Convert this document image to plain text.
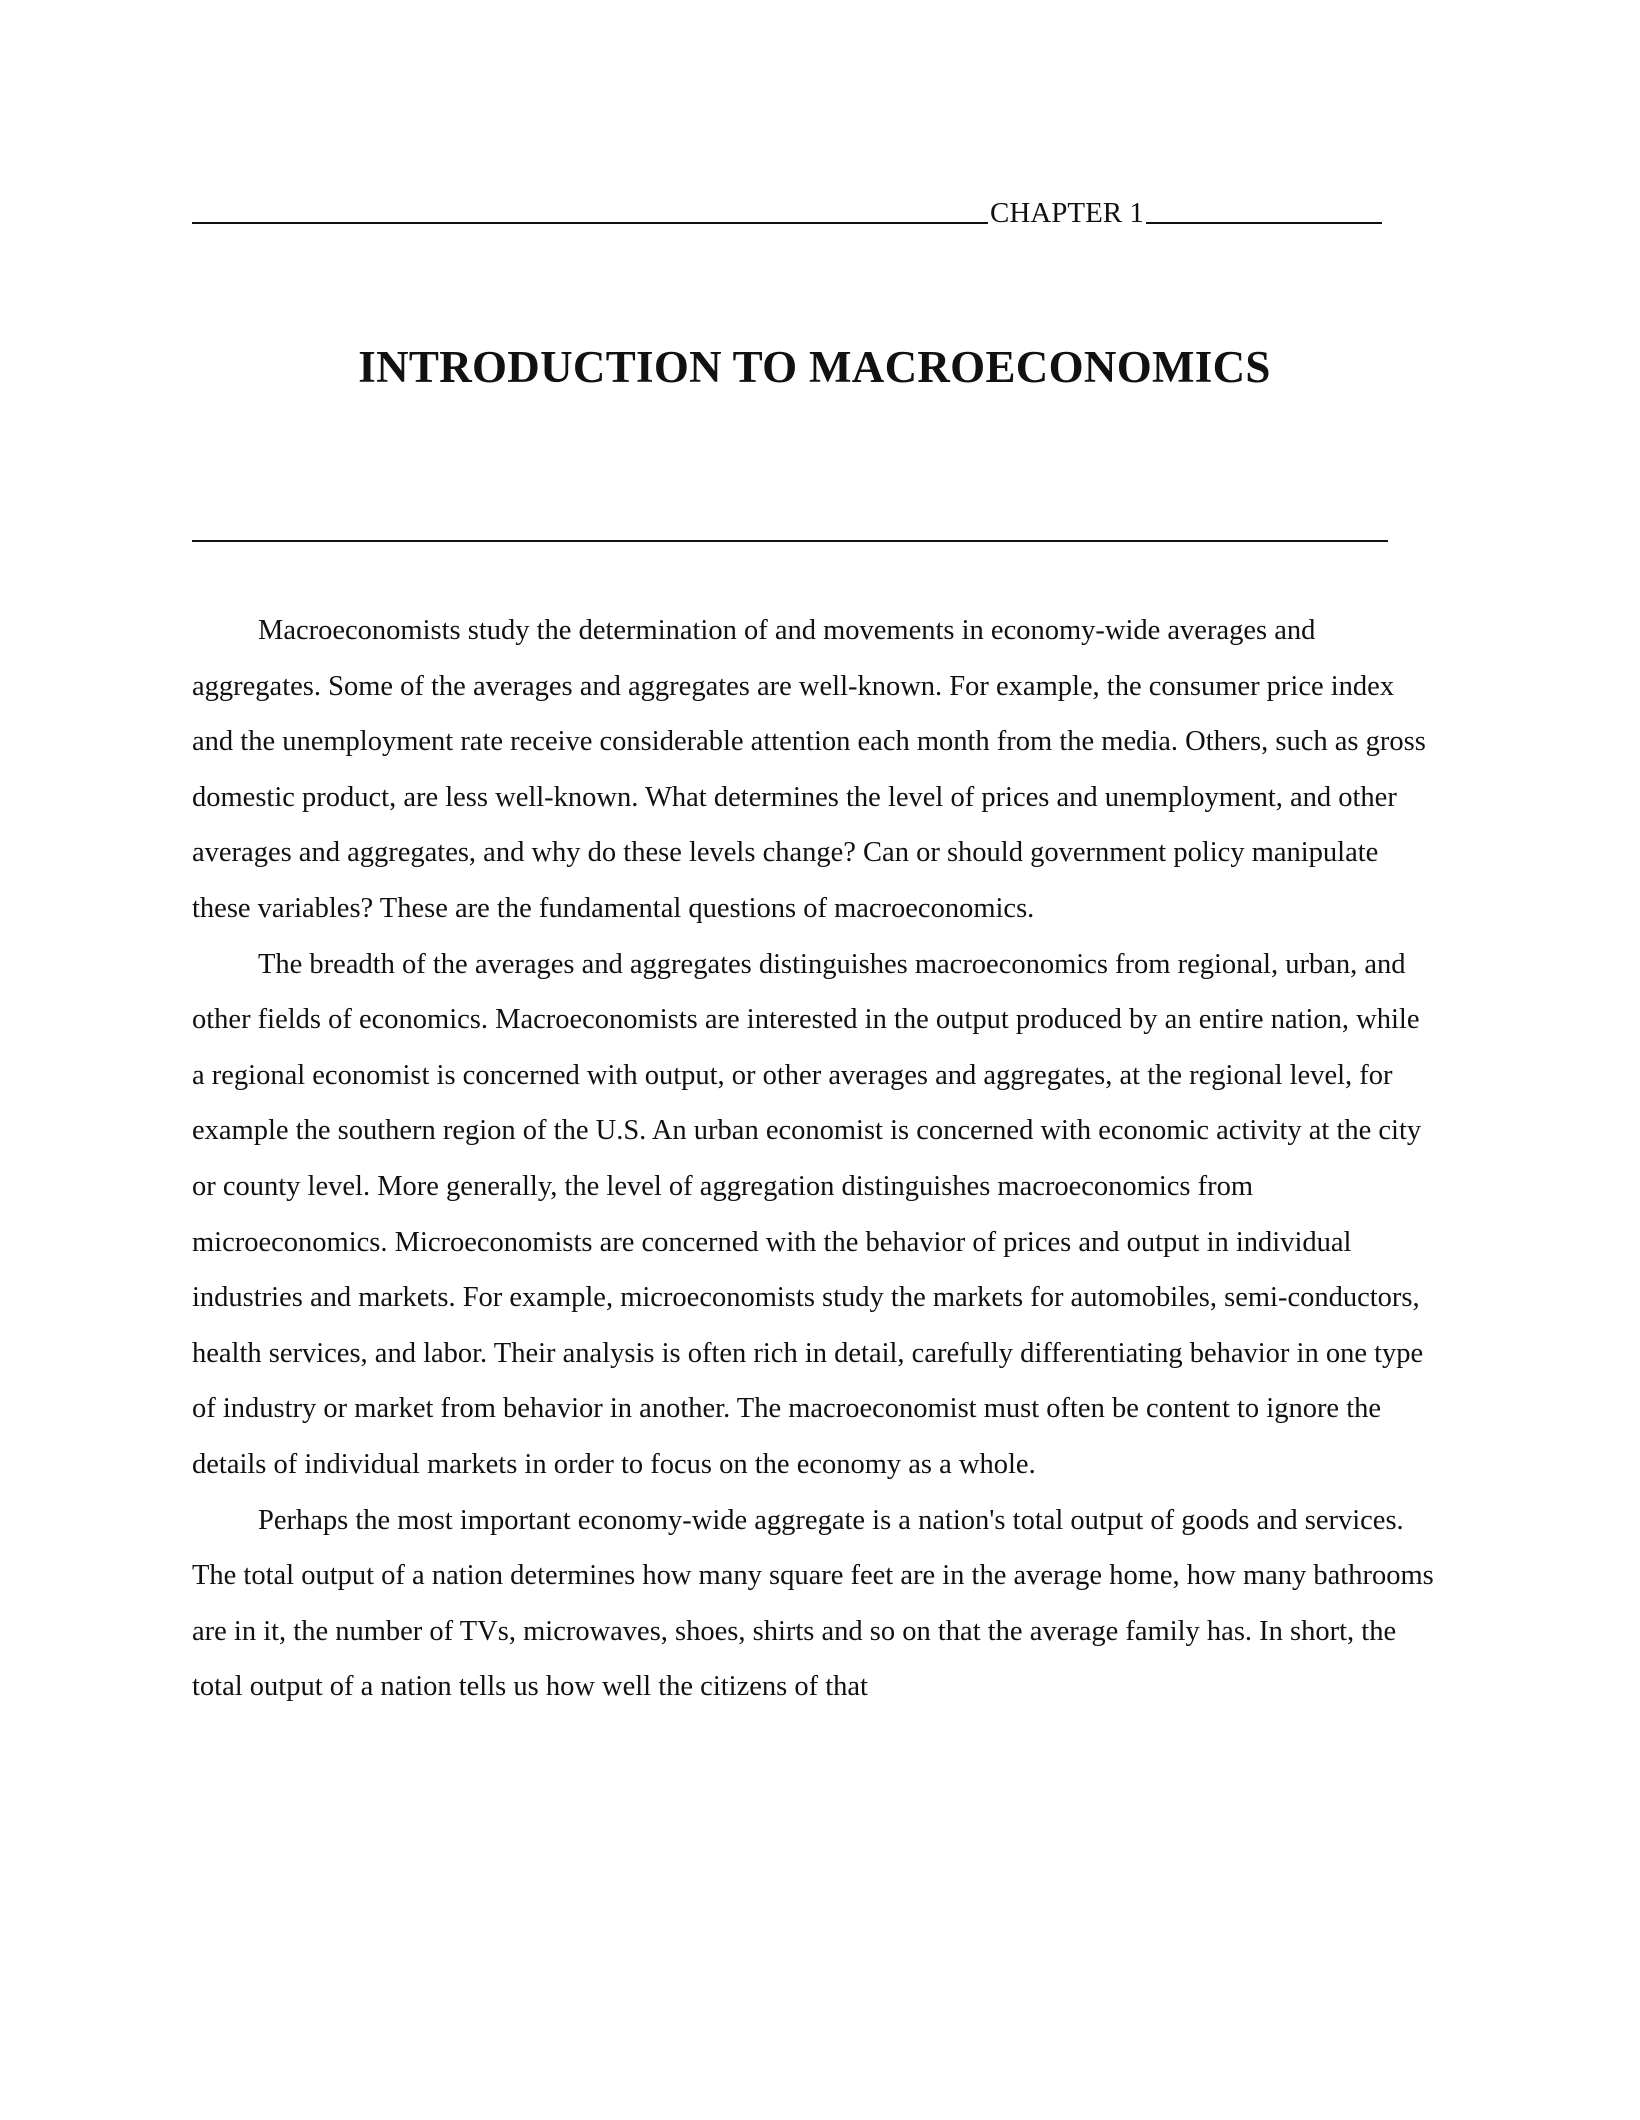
CHAPTER 1
INTRODUCTION TO MACROECONOMICS

Macroeconomists study the determination of and movements in economy-wide averages and aggregates. Some of the averages and aggregates are well-known. For example, the consumer price index and the unemployment rate receive considerable attention each month from the media. Others, such as gross domestic product, are less well-known. What determines the level of prices and unemployment, and other averages and aggregates, and why do these levels change? Can or should government policy manipulate these variables? These are the fundamental questions of macroeconomics.

The breadth of the averages and aggregates distinguishes macroeconomics from regional, urban, and other fields of economics. Macroeconomists are interested in the output produced by an entire nation, while a regional economist is concerned with output, or other averages and aggregates, at the regional level, for example the southern region of the U.S. An urban economist is concerned with economic activity at the city or county level. More generally, the level of aggregation distinguishes macroeconomics from microeconomics. Microeconomists are concerned with the behavior of prices and output in individual industries and markets. For example, microeconomists study the markets for automobiles, semi-conductors, health services, and labor. Their analysis is often rich in detail, carefully differentiating behavior in one type of industry or market from behavior in another. The macroeconomist must often be content to ignore the details of individual markets in order to focus on the economy as a whole.

Perhaps the most important economy-wide aggregate is a nation's total output of goods and services. The total output of a nation determines how many square feet are in the average home, how many bathrooms are in it, the number of TVs, microwaves, shoes, shirts and so on that the average family has. In short, the total output of a nation tells us how well the citizens of that
